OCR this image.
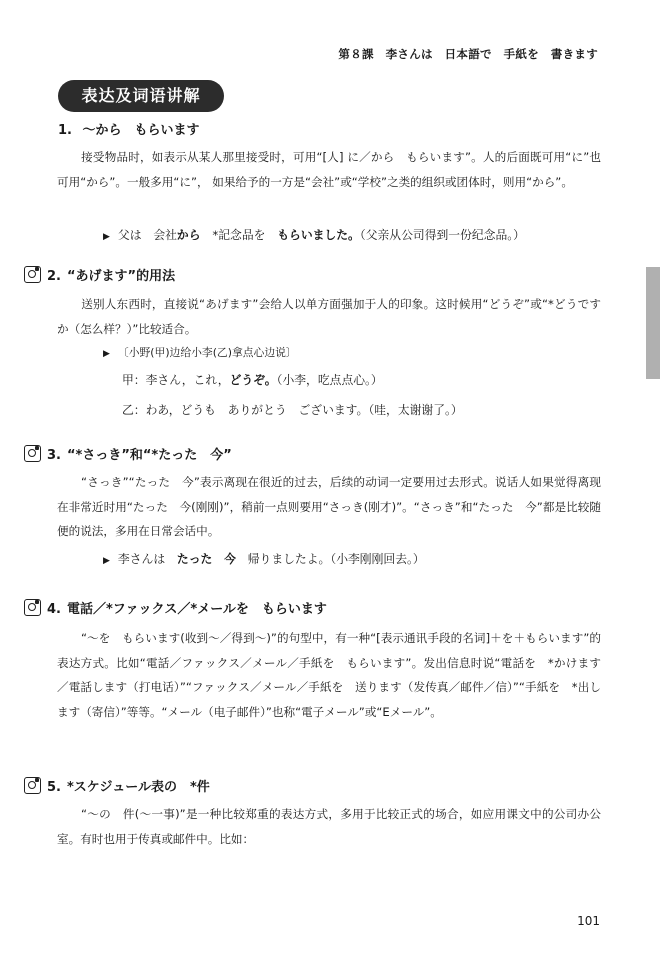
第８課　李さんは　日本語で　手紙を　書きます
表达及词语讲解
1. ～から　もらいます
接受物品时，如表示从某人那里接受时，可用“[人] に／から　もらいます”。人的后面既可用“に”也可用“から”。一般多用“に”， 如果给予的一方是“会社”或“学校”之类的组织或团体时，则用“から”。
▶ 父は　会社から　*記念品を　もらいました。（父亲从公司得到一份纪念品。）
2. “あげます”的用法
送别人东西时，直接说“あげます”会给人以单方面强加于人的印象。这时候用“どうぞ”或“*どうですか（怎么样？）”比较适合。
▶ 〔小野(甲)边给小李(乙)拿点心边说〕
甲：李さん，これ，どうぞ。（小李，吃点点心。）
乙：わあ，どうも　ありがとう　ございます。（哇，太谢谢了。）
3. “*さっき”和“*たった　今”
“さっき”“たった　今”表示离现在很近的过去，后续的动词一定要用过去形式。说话人如果觉得离现在非常近时用“たった　今(刚刚)”，稍前一点则要用“さっき(刚才)”。“さっき”和“たった　今”都是比较随便的说法，多用在日常会话中。
▶ 李さんは　たった　今　帰りましたよ。（小李刚刚回去。）
4. 電話／*ファックス／*メールを　もらいます
“～を　もらいます(收到～／得到～)”的句型中，有一种“[表示通讯手段的名词]＋を＋もらいます”的表达方式。比如“電話／ファックス／メール／手紙を　もらいます”。发出信息时说“電話を　*かけます／電話します（打电话）”“ファックス／メール／手紙を　送ります（发传真／邮件／信）”“手紙を　*出します（寄信）”等等。“メール（电子邮件）”也称“電子メール”或“Eメール”。
5. *スケジュール表の　*件
“～の　件(～一事)”是一种比较郑重的表达方式，多用于比较正式的场合，如应用课文中的公司办公室。有时也用于传真或邮件中。比如：
101
